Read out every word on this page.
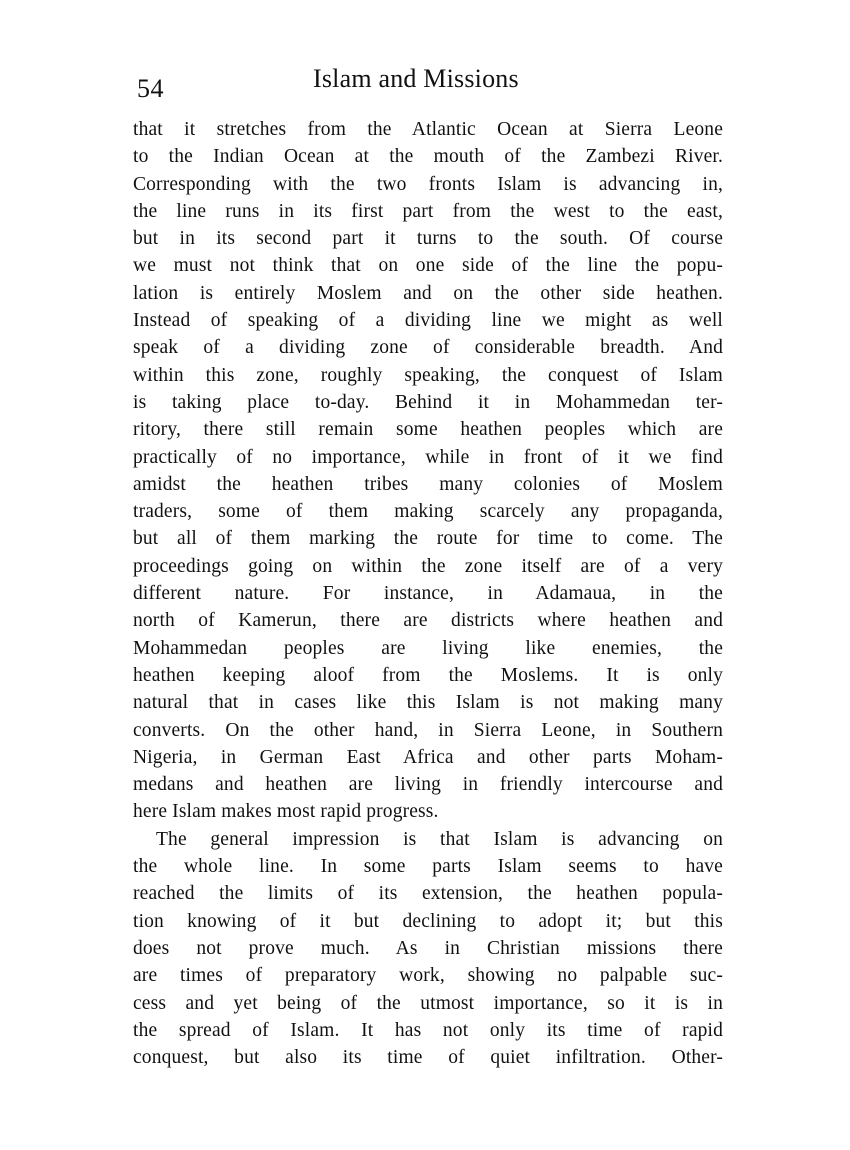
54	Islam and Missions

that it stretches from the Atlantic Ocean at Sierra Leone
to the Indian Ocean at the mouth of the Zambezi River.
Corresponding with the two fronts Islam is advancing in,
the line runs in its first part from the west to the east,
but in its second part it turns to the south. Of course
we must not think that on one side of the line the popu-
lation is entirely Moslem and on the other side heathen.
Instead of speaking of a dividing line we might as well
speak of a dividing zone of considerable breadth. And
within this zone, roughly speaking, the conquest of Islam
is taking place to-day. Behind it in Mohammedan ter-
ritory, there still remain some heathen peoples which are
practically of no importance, while in front of it we find
amidst the heathen tribes many colonies of Moslem
traders, some of them making scarcely any propaganda,
but all of them marking the route for time to come. The
proceedings going on within the zone itself are of a very
different nature. For instance, in Adamaua, in the
north of Kamerun, there are districts where heathen and
Mohammedan peoples are living like enemies, the
heathen keeping aloof from the Moslems. It is only
natural that in cases like this Islam is not making many
converts. On the other hand, in Sierra Leone, in Southern
Nigeria, in German East Africa and other parts Moham-
medans and heathen are living in friendly intercourse and
here Islam makes most rapid progress.

The general impression is that Islam is advancing on
the whole line. In some parts Islam seems to have
reached the limits of its extension, the heathen popula-
tion knowing of it but declining to adopt it; but this
does not prove much. As in Christian missions there
are times of preparatory work, showing no palpable suc-
cess and yet being of the utmost importance, so it is in
the spread of Islam. It has not only its time of rapid
conquest, but also its time of quiet infiltration. Other-
